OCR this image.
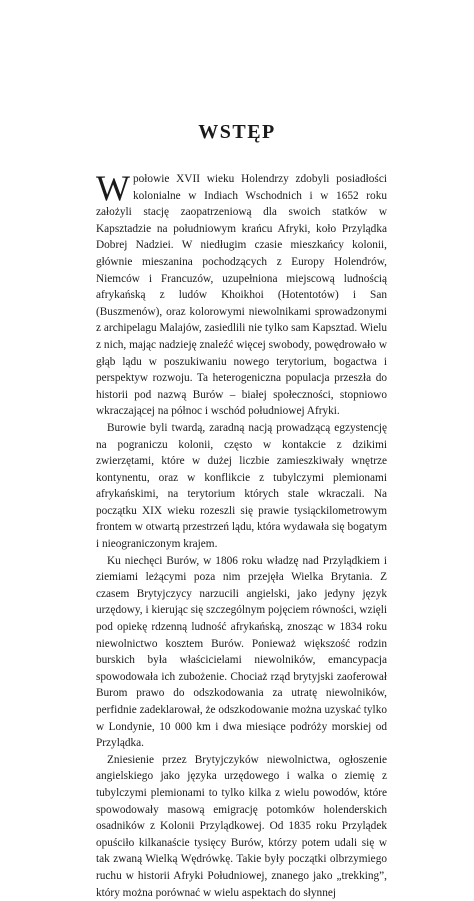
WSTĘP

Wpołowie XVII wieku Holendrzy zdobyli posiadłości kolonialne w Indiach Wschodnich i w 1652 roku założyli stację zaopatrzeniową dla swoich statków w Kapsztadzie na południowym krańcu Afryki, koło Przylądka Dobrej Nadziei. W niedługim czasie mieszkańcy kolonii, głównie mieszanina pochodzących z Europy Holendrów, Niemców i Francuzów, uzupełniona miejscową ludnością afrykańską z ludów Khoikhoi (Hotentotów) i San (Buszmenów), oraz kolorowymi niewolnikami sprowadzonymi z archipelagu Malajów, zasiedlili nie tylko sam Kapsztad. Wielu z nich, mając nadzieję znaleźć więcej swobody, powędrowało w głąb lądu w poszukiwaniu nowego terytorium, bogactwa i perspektyw rozwoju. Ta heterogeniczna populacja przeszła do historii pod nazwą Burów – białej społeczności, stopniowo wkraczającej na północ i wschód południowej Afryki.

Burowie byli twardą, zaradną nacją prowadzącą egzystencję na pograniczu kolonii, często w kontakcie z dzikimi zwierzętami, które w dużej liczbie zamieszkiwały wnętrze kontynentu, oraz w konflikcie z tubylczymi plemionami afrykańskimi, na terytorium których stale wkraczali. Na początku XIX wieku rozeszli się prawie tysiąckilometrowym frontem w otwartą przestrzeń lądu, która wydawała się bogatym i nieograniczonym krajem.

Ku niechęci Burów, w 1806 roku władzę nad Przylądkiem i ziemiami leżącymi poza nim przejęła Wielka Brytania. Z czasem Brytyjczycy narzucili angielski, jako jedyny język urzędowy, i kierując się szczególnym pojęciem równości, wzięli pod opiekę rdzenną ludność afrykańską, znosząc w 1834 roku niewolnictwo kosztem Burów. Ponieważ większość rodzin burskich była właścicielami niewolników, emancypacja spowodowała ich zubożenie. Chociaż rząd brytyjski zaoferował Burom prawo do odszkodowania za utratę niewolników, perfidnie zadeklarował, że odszkodowanie można uzyskać tylko w Londynie, 10 000 km i dwa miesiące podróży morskiej od Przylądka.

Zniesienie przez Brytyjczyków niewolnictwa, ogłoszenie angielskiego jako języka urzędowego i walka o ziemię z tubylczymi plemionami to tylko kilka z wielu powodów, które spowodowały masową emigrację potomków holenderskich osadników z Kolonii Przylądkowej. Od 1835 roku Przylądek opuściło kilkanaście tysięcy Burów, którzy potem udali się w tak zwaną Wielką Wędrówkę. Takie były początki olbrzymiego ruchu w historii Afryki Południowej, znanego jako „trekking”, który można porównać w wielu aspektach do słynnej
